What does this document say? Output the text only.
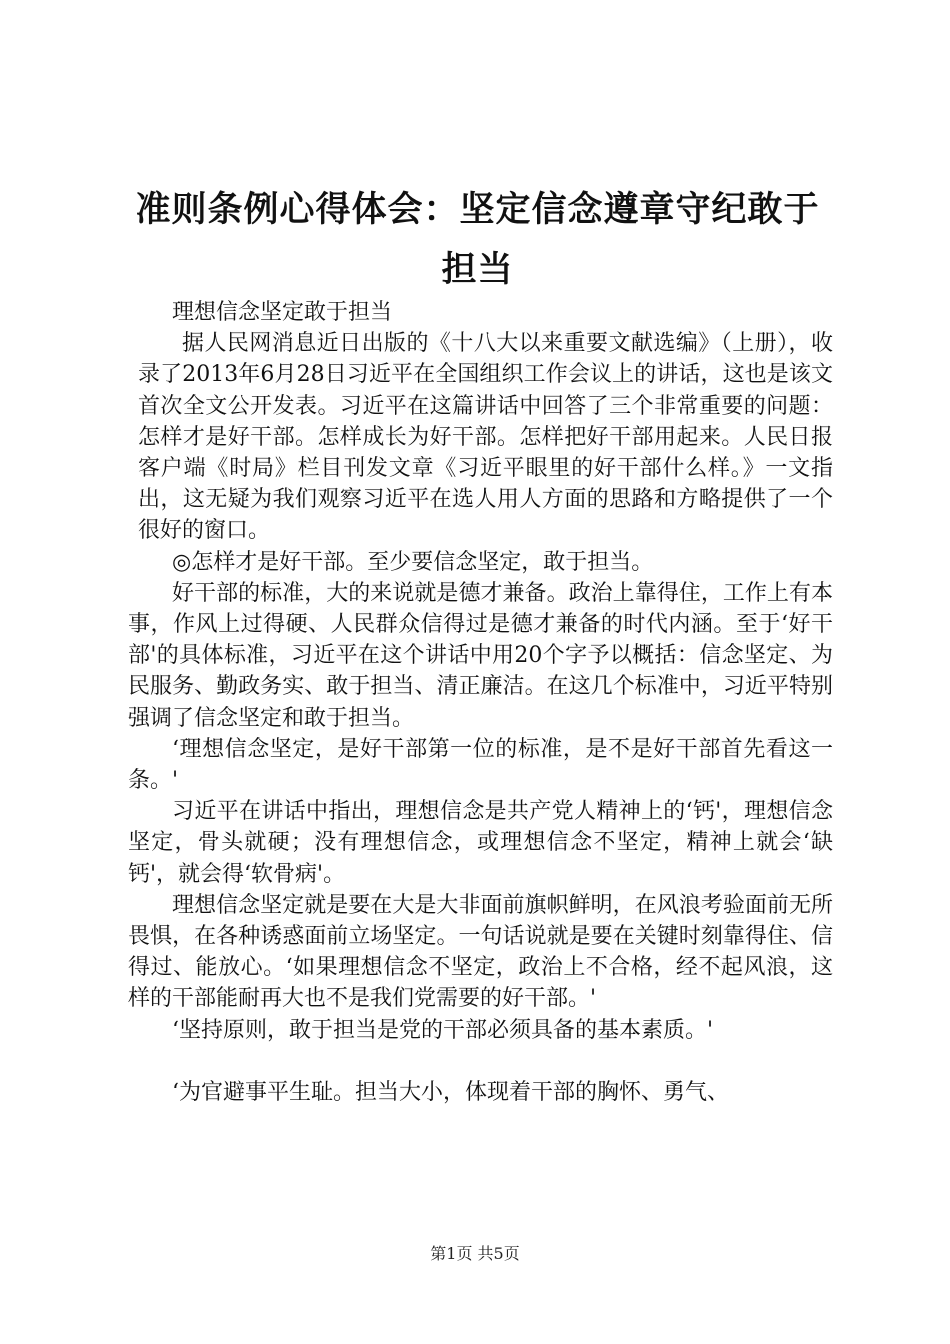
准则条例心得体会：坚定信念遵章守纪敢于担当

理想信念坚定敢于担当

据人民网消息近日出版的《十八大以来重要文献选编》（上册），收录了2013年6月28日习近平在全国组织工作会议上的讲话，这也是该文首次全文公开发表。习近平在这篇讲话中回答了三个非常重要的问题：怎样才是好干部。怎样成长为好干部。怎样把好干部用起来。人民日报客户端《时局》栏目刊发文章《习近平眼里的好干部什么样。》一文指出，这无疑为我们观察习近平在选人用人方面的思路和方略提供了一个很好的窗口。

◎怎样才是好干部。至少要信念坚定，敢于担当。

好干部的标准，大的来说就是德才兼备。政治上靠得住，工作上有本事，作风上过得硬、人民群众信得过是德才兼备的时代内涵。至于‘好干部'的具体标准，习近平在这个讲话中用20个字予以概括：信念坚定、为民服务、勤政务实、敢于担当、清正廉洁。在这几个标准中，习近平特别强调了信念坚定和敢于担当。

‘理想信念坚定，是好干部第一位的标准，是不是好干部首先看这一条。'

习近平在讲话中指出，理想信念是共产党人精神上的‘钙'，理想信念坚定，骨头就硬；没有理想信念，或理想信念不坚定，精神上就会‘缺钙'，就会得‘软骨病'。

理想信念坚定就是要在大是大非面前旗帜鲜明，在风浪考验面前无所畏惧，在各种诱惑面前立场坚定。一句话说就是要在关键时刻靠得住、信得过、能放心。‘如果理想信念不坚定，政治上不合格，经不起风浪，这样的干部能耐再大也不是我们党需要的好干部。'

‘坚持原则，敢于担当是党的干部必须具备的基本素质。'

‘为官避事平生耻。担当大小，体现着干部的胸怀、勇气、

第1页 共5页
